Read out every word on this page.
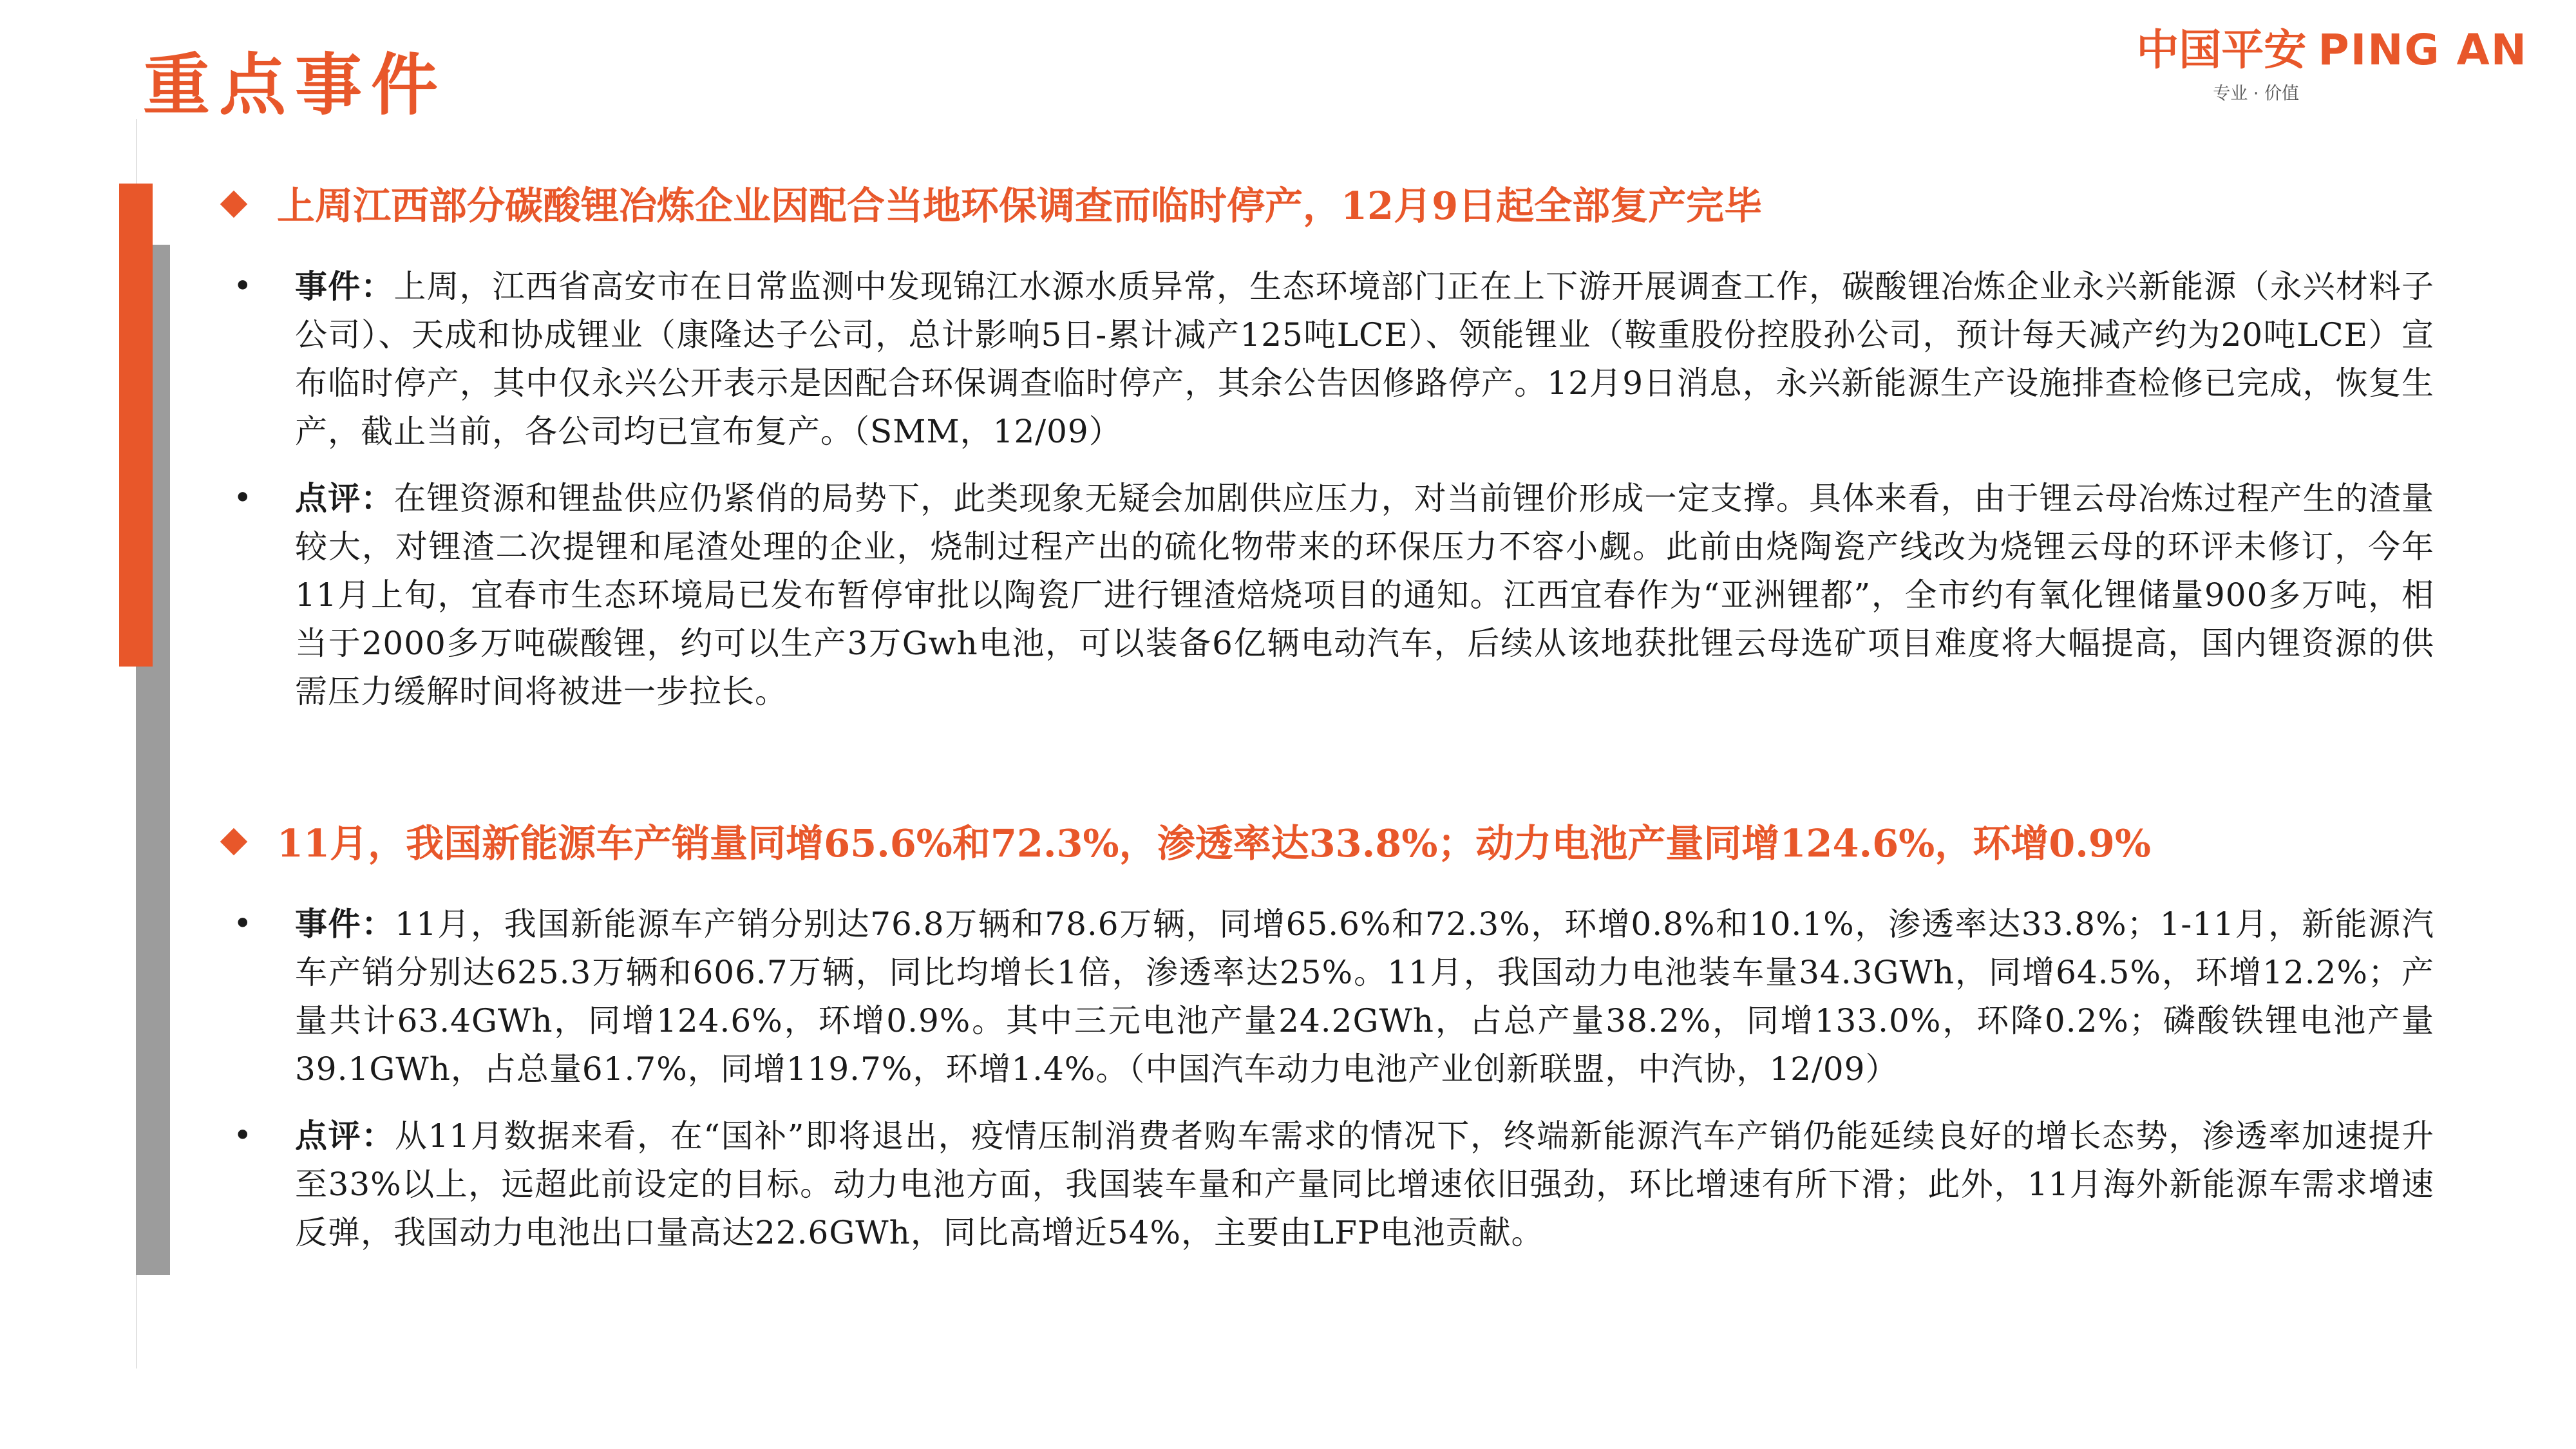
重点事件	中国平安 PING AN
专业 · 价值
上周江西部分碳酸锂冶炼企业因配合当地环保调查而临时停产，12月9日起全部复产完毕
• 事件：上周，江西省高安市在日常监测中发现锦江水源水质异常，生态环境部门正在上下游开展调查工作，碳酸锂冶炼企业永兴新能源（永兴材料子公司）、天成和协成锂业（康隆达子公司，总计影响5日-累计减产125吨LCE）、领能锂业（鞍重股份控股孙公司，预计每天减产约为20吨LCE）宣布临时停产，其中仅永兴公开表示是因配合环保调查临时停产，其余公告因修路停产。12月9日消息，永兴新能源生产设施排查检修已完成，恢复生产，截止当前，各公司均已宣布复产。（SMM，12/09）
• 点评：在锂资源和锂盐供应仍紧俏的局势下，此类现象无疑会加剧供应压力，对当前锂价形成一定支撑。具体来看，由于锂云母冶炼过程产生的渣量较大，对锂渣二次提锂和尾渣处理的企业，烧制过程产出的硫化物带来的环保压力不容小觑。此前由烧陶瓷产线改为烧锂云母的环评未修订，今年11月上旬，宜春市生态环境局已发布暂停审批以陶瓷厂进行锂渣焙烧项目的通知。江西宜春作为“亚洲锂都”，全市约有氧化锂储量900多万吨，相当于2000多万吨碳酸锂，约可以生产3万Gwh电池，可以装备6亿辆电动汽车，后续从该地获批锂云母选矿项目难度将大幅提高，国内锂资源的供需压力缓解时间将被进一步拉长。
11月，我国新能源车产销量同增65.6%和72.3%，渗透率达33.8%；动力电池产量同增124.6%，环增0.9%
• 事件：11月，我国新能源车产销分别达76.8万辆和78.6万辆，同增65.6%和72.3%，环增0.8%和10.1%，渗透率达33.8%；1-11月，新能源汽车产销分别达625.3万辆和606.7万辆，同比均增长1倍，渗透率达25%。11月，我国动力电池装车量34.3GWh，同增64.5%，环增12.2%；产量共计63.4GWh，同增124.6%，环增0.9%。其中三元电池产量24.2GWh，占总产量38.2%，同增133.0%，环降0.2%；磷酸铁锂电池产量39.1GWh，占总量61.7%，同增119.7%，环增1.4%。（中国汽车动力电池产业创新联盟，中汽协，12/09）
• 点评：从11月数据来看，在“国补”即将退出，疫情压制消费者购车需求的情况下，终端新能源汽车产销仍能延续良好的增长态势，渗透率加速提升至33%以上，远超此前设定的目标。动力电池方面，我国装车量和产量同比增速依旧强劲，环比增速有所下滑；此外，11月海外新能源车需求增速反弹，我国动力电池出口量高达22.6GWh，同比高增近54%，主要由LFP电池贡献。
